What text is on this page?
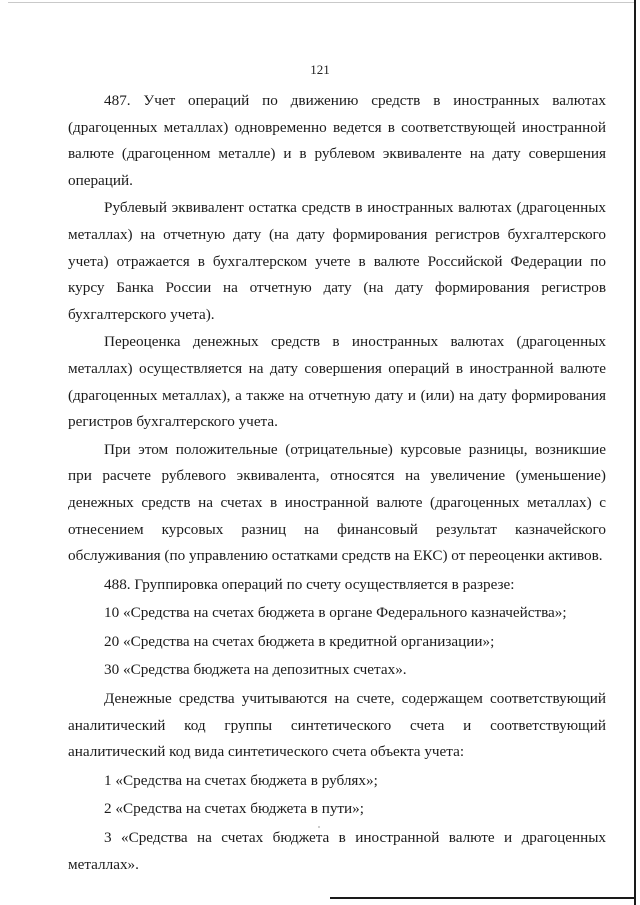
121

487. Учет операций по движению средств в иностранных валютах (драгоценных металлах) одновременно ведется в соответствующей иностранной валюте (драгоценном металле) и в рублевом эквиваленте на дату совершения операций.

Рублевый эквивалент остатка средств в иностранных валютах (драгоценных металлах) на отчетную дату (на дату формирования регистров бухгалтерского учета) отражается в бухгалтерском учете в валюте Российской Федерации по курсу Банка России на отчетную дату (на дату формирования регистров бухгалтерского учета).

Переоценка денежных средств в иностранных валютах (драгоценных металлах) осуществляется на дату совершения операций в иностранной валюте (драгоценных металлах), а также на отчетную дату и (или) на дату формирования регистров бухгалтерского учета.

При этом положительные (отрицательные) курсовые разницы, возникшие при расчете рублевого эквивалента, относятся на увеличение (уменьшение) денежных средств на счетах в иностранной валюте (драгоценных металлах) с отнесением курсовых разниц на финансовый результат казначейского обслуживания (по управлению остатками средств на ЕКС) от переоценки активов.

488. Группировка операций по счету осуществляется в разрезе:

10 «Средства на счетах бюджета в органе Федерального казначейства»;

20 «Средства на счетах бюджета в кредитной организации»;

30 «Средства бюджета на депозитных счетах».

Денежные средства учитываются на счете, содержащем соответствующий аналитический код группы синтетического счета и соответствующий аналитический код вида синтетического счета объекта учета:

1 «Средства на счетах бюджета в рублях»;

2 «Средства на счетах бюджета в пути»;

3 «Средства на счетах бюджета в иностранной валюте и драгоценных металлах».
